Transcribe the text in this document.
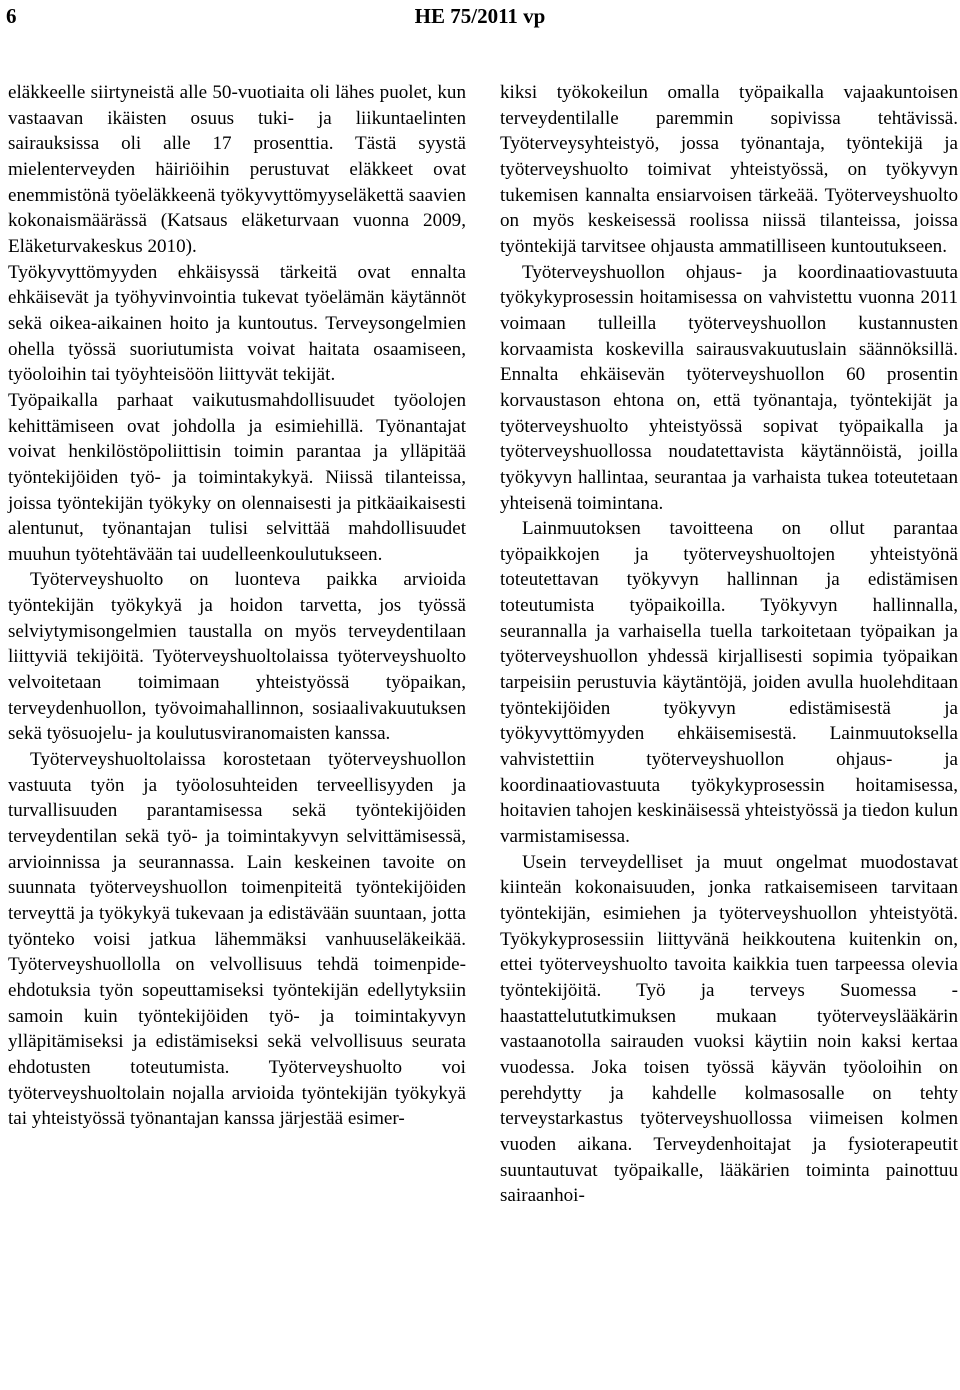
6	HE 75/2011 vp

eläkkeelle siirtyneistä alle 50-vuotiaita oli lähes puolet, kun vastaavan ikäisten osuus tuki- ja liikuntaelinten sairauksissa oli alle 17 prosenttia. Tästä syystä mielenterveyden häiriöihin perustuvat eläkkeet ovat enemmistönä työeläkkeenä työkyvyttömyyseläkettä saavien kokonaismäärässä (Katsaus eläketurvaan vuonna 2009, Eläketurvakeskus 2010).

Työkyvyttömyyden ehkäisyssä tärkeitä ovat ennalta ehkäisevät ja työhyvinvointia tukevat työelämän käytännöt sekä oikea-aikainen hoito ja kuntoutus. Terveysongelmien ohella työssä suoriutumista voivat haitata osaamiseen, työoloihin tai työyhteisöön liittyvät tekijät.

Työpaikalla parhaat vaikutusmahdollisuudet työolojen kehittämiseen ovat johdolla ja esimiehillä. Työnantajat voivat henkilöstöpoliittisin toimin parantaa ja ylläpitää työntekijöiden työ- ja toimintakykyä. Niissä tilanteissa, joissa työntekijän työkyky on olennaisesti ja pitkäaikaisesti alentunut, työnantajan tulisi selvittää mahdollisuudet muuhun työtehtävään tai uudelleenkoulutukseen.

Työterveyshuolto on luonteva paikka arvioida työntekijän työkykyä ja hoidon tarvetta, jos työssä selviytymisongelmien taustalla on myös terveydentilaan liittyviä tekijöitä. Työterveyshuoltolaissa työterveyshuolto velvoitetaan toimimaan yhteistyössä työpaikan, terveydenhuollon, työvoimahallinnon, sosiaalivakuutuksen sekä työsuojelu- ja koulutusviranomaisten kanssa.

Työterveyshuoltolaissa korostetaan työterveyshuollon vastuuta työn ja työolosuhteiden terveellisyyden ja turvallisuuden parantamisessa sekä työntekijöiden terveydentilan sekä työ- ja toimintakyvyn selvittämisessä, arvioinnissa ja seurannassa. Lain keskeinen tavoite on suunnata työterveyshuollon toimenpiteitä työntekijöiden terveyttä ja työkykyä tukevaan ja edistävään suuntaan, jotta työnteko voisi jatkua lähemmäksi vanhuuseläkeikää. Työterveyshuollolla on velvollisuus tehdä toimenpide-ehdotuksia työn sopeuttamiseksi työntekijän edellytyksiin samoin kuin työntekijöiden työ- ja toimintakyvyn ylläpitämiseksi ja edistämiseksi sekä velvollisuus seurata ehdotusten toteutumista. Työterveyshuolto voi työterveyshuoltolain nojalla arvioida työntekijän työkykyä tai yhteistyössä työnantajan kanssa järjestää esimer-

kiksi työkokeilun omalla työpaikalla vajaakuntoisen terveydentilalle paremmin sopivissa tehtävissä. Työterveysyhteistyö, jossa työnantaja, työntekijä ja työterveyshuolto toimivat yhteistyössä, on työkyvyn tukemisen kannalta ensiarvoisen tärkeää. Työterveyshuolto on myös keskeisessä roolissa niissä tilanteissa, joissa työntekijä tarvitsee ohjausta ammatilliseen kuntoutukseen.

Työterveyshuollon ohjaus- ja koordinaatiovastuuta työkykyprosessin hoitamisessa on vahvistettu vuonna 2011 voimaan tulleilla työterveyshuollon kustannusten korvaamista koskevilla sairausvakuutuslain säännöksillä. Ennalta ehkäisevän työterveyshuollon 60 prosentin korvaustason ehtona on, että työnantaja, työntekijät ja työterveyshuolto yhteistyössä sopivat työpaikalla ja työterveyshuollossa noudatettavista käytännöistä, joilla työkyvyn hallintaa, seurantaa ja varhaista tukea toteutetaan yhteisenä toimintana.

Lainmuutoksen tavoitteena on ollut parantaa työpaikkojen ja työterveyshuoltojen yhteistyönä toteutettavan työkyvyn hallinnan ja edistämisen toteutumista työpaikoilla. Työkyvyn hallinnalla, seurannalla ja varhaisella tuella tarkoitetaan työpaikan ja työterveyshuollon yhdessä kirjallisesti sopimia työpaikan tarpeisiin perustuvia käytäntöjä, joiden avulla huolehditaan työntekijöiden työkyvyn edistämisestä ja työkyvyttömyyden ehkäisemisestä. Lainmuutoksella vahvistettiin työterveyshuollon ohjaus- ja koordinaatiovastuuta työkykyprosessin hoitamisessa, hoitavien tahojen keskinäisessä yhteistyössä ja tiedon kulun varmistamisessa.

Usein terveydelliset ja muut ongelmat muodostavat kiinteän kokonaisuuden, jonka ratkaisemiseen tarvitaan työntekijän, esimiehen ja työterveyshuollon yhteistyötä. Työkykyprosessiin liittyvänä heikkoutena kuitenkin on, ettei työterveyshuolto tavoita kaikkia tuen tarpeessa olevia työntekijöitä. Työ ja terveys Suomessa -haastattelututkimuksen mukaan työterveyslääkärin vastaanotolla sairauden vuoksi käytiin noin kaksi kertaa vuodessa. Joka toisen työssä käyvän työoloihin on perehdytty ja kahdelle kolmasosalle on tehty terveystarkastus työterveyshuollossa viimeisen kolmen vuoden aikana. Terveydenhoitajat ja fysioterapeutit suuntautuvat työpaikalle, lääkärien toiminta painottuu sairaanhoi-
